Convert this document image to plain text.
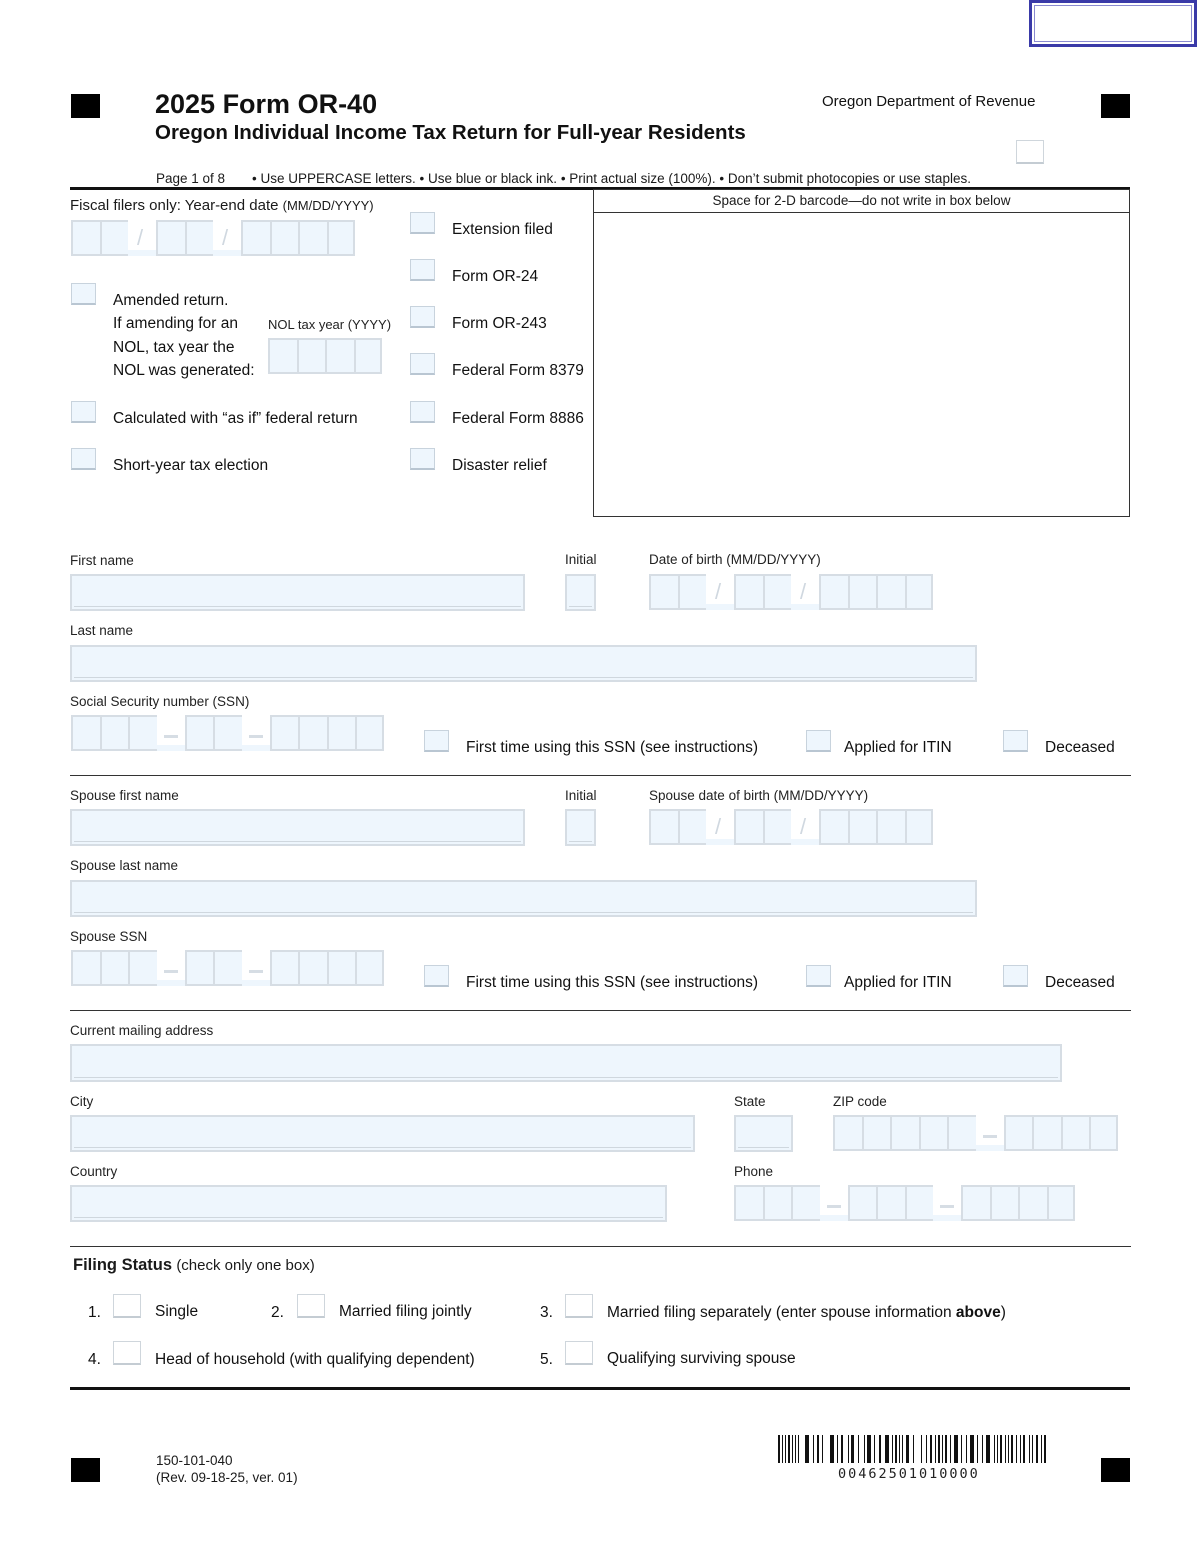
2025 Form OR-40
Oregon Individual Income Tax Return for Full-year Residents
Oregon Department of Revenue
Page 1 of 8 • Use UPPERCASE letters. • Use blue or black ink. • Print actual size (100%). • Don’t submit photocopies or use staples.
Fiscal filers only: Year-end date (MM/DD/YYYY)
/
/
Amended return.
If amending for an
NOL, tax year the
NOL was generated:
NOL tax year (YYYY)
Calculated with “as if” federal return
Short-year tax election
Extension filed
Form OR-24
Form OR-243
Federal Form 8379
Federal Form 8886
Disaster relief
Space for 2-D barcode—do not write in box below
First name	Initial	Date of birth (MM/DD/YYYY)
/
/
Last name
Social Security number (SSN)
First time using this SSN (see instructions)	Applied for ITIN	Deceased
Spouse first name	Initial	Spouse date of birth (MM/DD/YYYY)
/
/
Spouse last name
Spouse SSN
First time using this SSN (see instructions)	Applied for ITIN	Deceased
Current mailing address
City	State	ZIP code
Country	Phone
Filing Status (check only one box)
1.	Single	2.	Married filing jointly	3.	Married filing separately (enter spouse information above)
4.	Head of household (with qualifying dependent)	5.	Qualifying surviving spouse
150-101-040
(Rev. 09-18-25, ver. 01)	00462501010000
